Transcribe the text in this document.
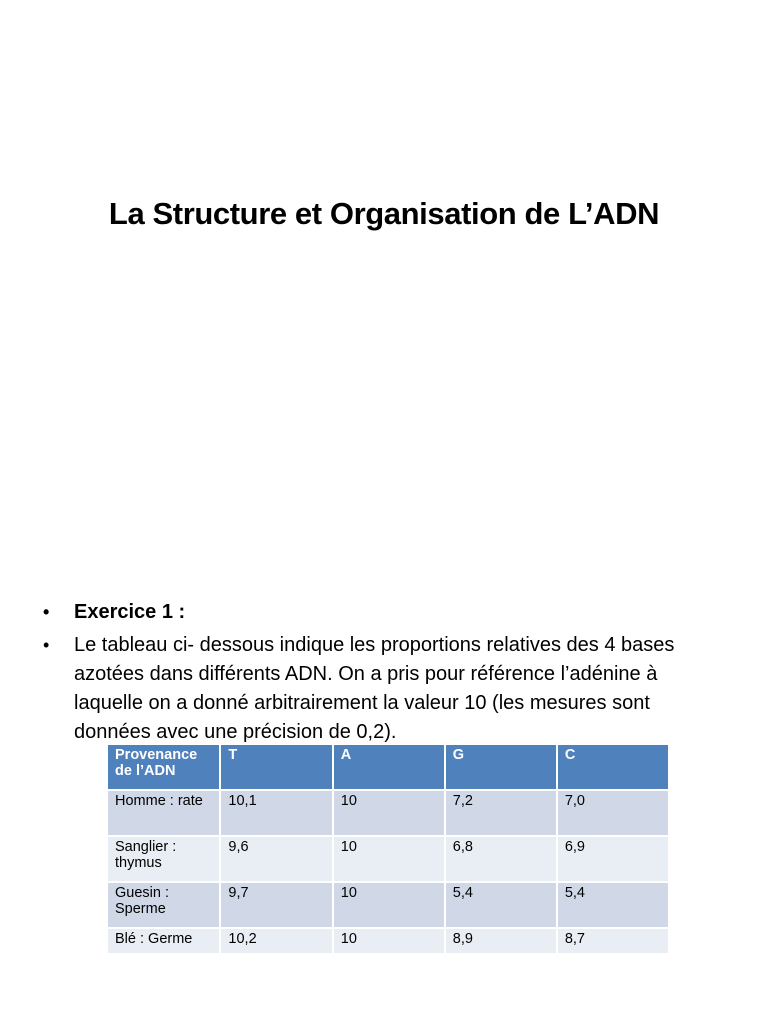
La Structure et Organisation de L’ADN
• Exercice 1 :
• Le tableau ci- dessous indique les proportions relatives des 4 bases azotées dans différents ADN. On a pris pour référence l’adénine à laquelle on a donné arbitrairement la valeur 10 (les mesures sont données avec une précision de 0,2).
Provenance de l’ADN	T	A	G	C
Homme : rate	10,1	10	7,2	7,0
Sanglier : thymus	9,6	10	6,8	6,9
Guesin : Sperme	9,7	10	5,4	5,4
Blé : Germe	10,2	10	8,9	8,7
